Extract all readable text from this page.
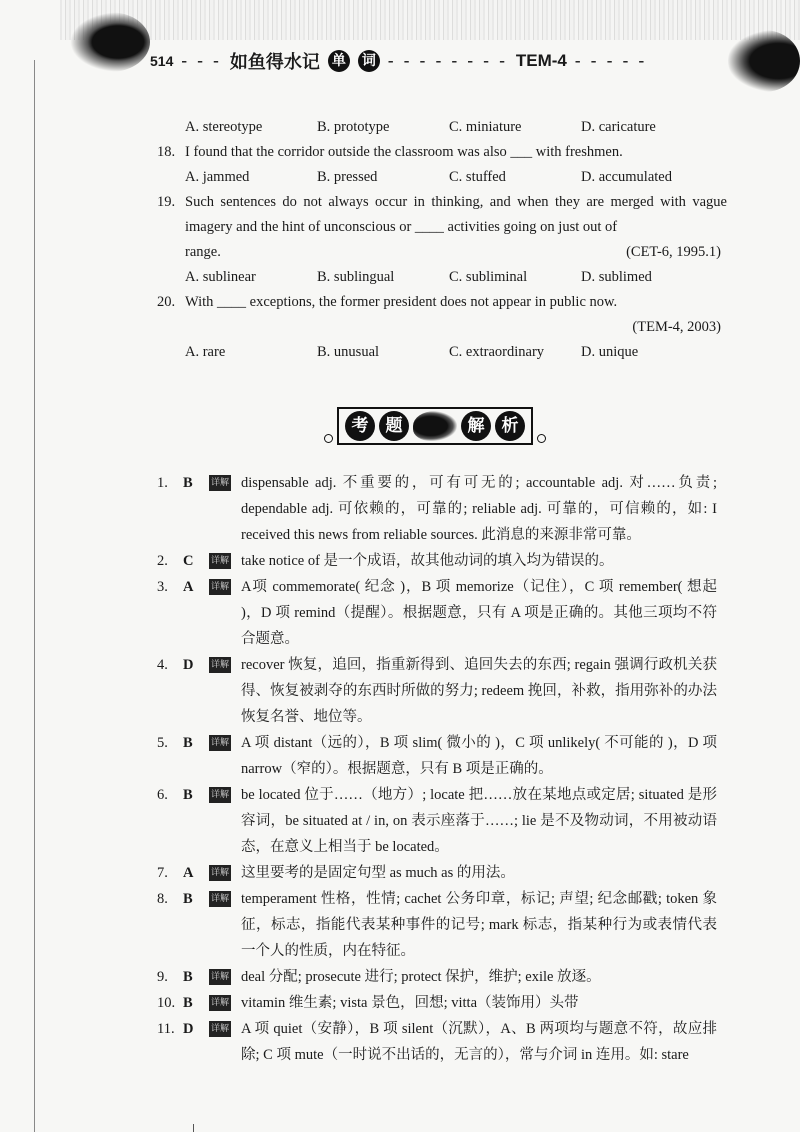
514 - - - 如鱼得水记 单 词 - - - - - - - - TEM-4 - - - - -
A. stereotype	B. prototype	C. miniature	D. caricature
18. I found that the corridor outside the classroom was also ___ with freshmen.
A. jammed	B. pressed	C. stuffed	D. accumulated
19. Such sentences do not always occur in thinking, and when they are merged with vague imagery and the hint of unconscious or ____ activities going on just out of
range.	(CET-6, 1995.1)
A. sublinear	B. sublingual	C. subliminal	D. sublimed
20. With ____ exceptions, the former president does not appear in public now.
(TEM-4, 2003)
A. rare	B. unusual	C. extraordinary	D. unique
考	题	解	析
1.	B	详解 dispensable adj. 不重要的，可有可无的; accountable adj. 对……负责; dependable adj. 可依赖的，可靠的; reliable adj. 可靠的，可信赖的，如: I received this news from reliable sources. 此消息的来源非常可靠。
2.	C	详解 take notice of 是一个成语，故其他动词的填入均为错误的。
3.	A	详解 A项 commemorate( 纪念 )，B 项 memorize（记住），C 项 remember( 想起 )，D 项 remind（提醒）。根据题意，只有 A 项是正确的。其他三项均不符合题意。
4.	D	详解 recover 恢复，追回，指重新得到、追回失去的东西; regain 强调行政机关获得、恢复被剥夺的东西时所做的努力; redeem 挽回，补救，指用弥补的办法恢复名誉、地位等。
5.	B	详解 A 项 distant（远的），B 项 slim( 微小的 )，C 项 unlikely( 不可能的 )，D 项 narrow（窄的）。根据题意，只有 B 项是正确的。
6.	B	详解 be located 位于……（地方）; locate 把……放在某地点或定居; situated 是形容词，be situated at / in, on 表示座落于……; lie 是不及物动词，不用被动语态，在意义上相当于 be located。
7.	A	详解 这里要考的是固定句型 as much as 的用法。
8.	B	详解 temperament 性格，性情; cachet 公务印章，标记; 声望; 纪念邮戳; token 象征，标志，指能代表某种事件的记号; mark 标志，指某种行为或表情代表一个人的性质，内在特征。
9.	B	详解 deal 分配; prosecute 进行; protect 保护，维护; exile 放逐。
10. B	详解 vitamin 维生素; vista 景色，回想; vitta（装饰用）头带
11. D	详解 A 项 quiet（安静），B 项 silent（沉默），A、B 两项均与题意不符，故应排除; C 项 mute（一时说不出话的，无言的），常与介词 in 连用。如: stare
